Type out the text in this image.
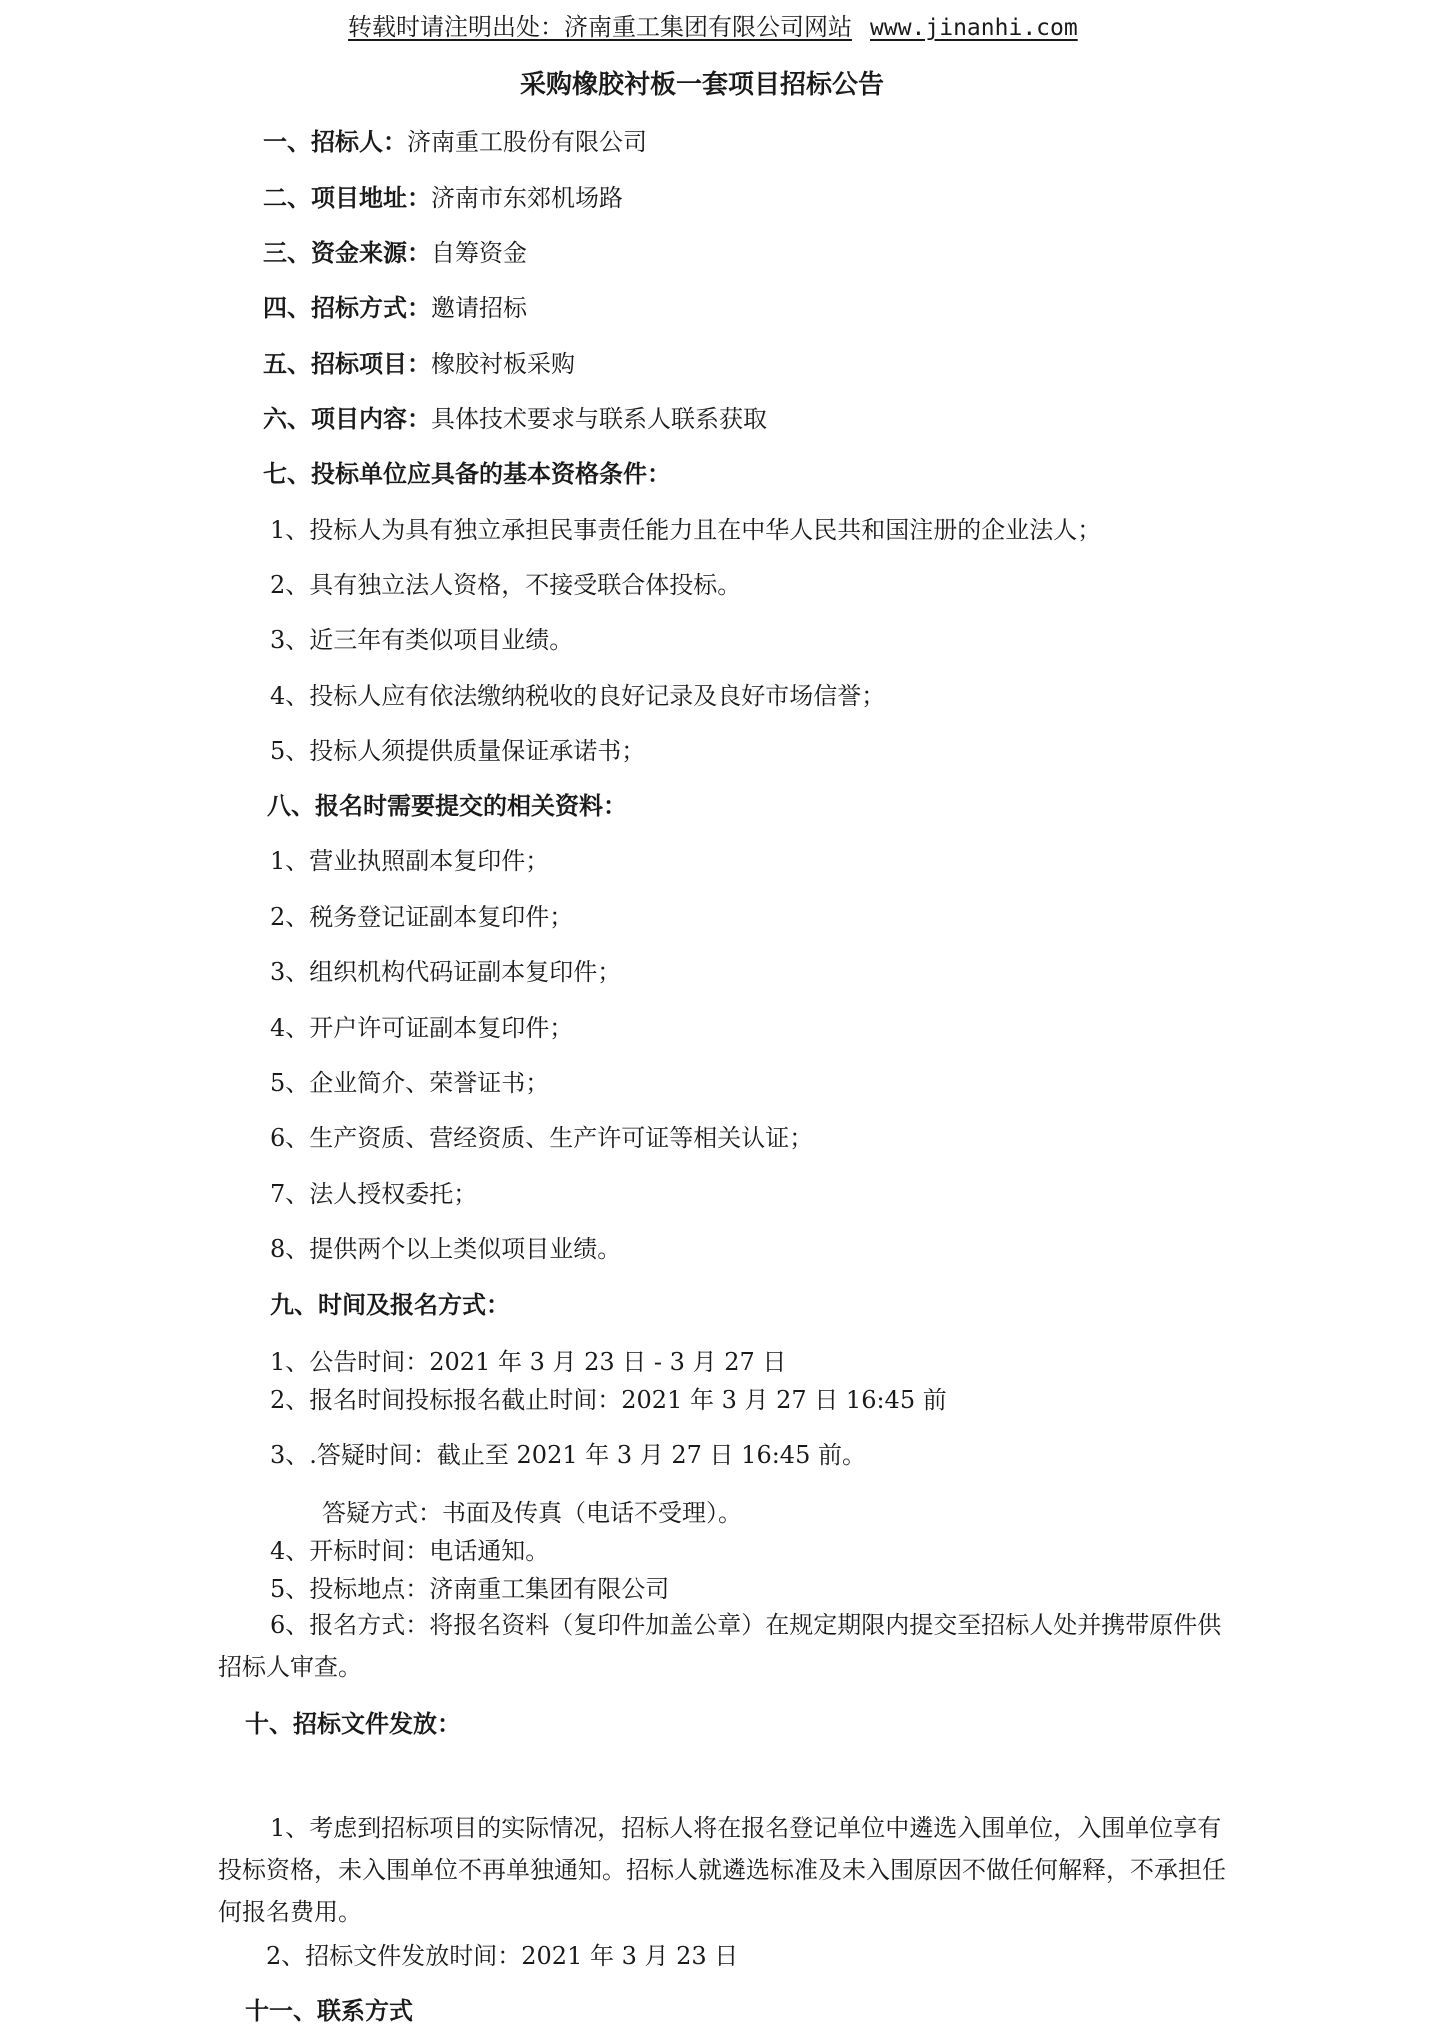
转载时请注明出处：济南重工集团有限公司网站 www.jinanhi.com
采购橡胶衬板一套项目招标公告
一、招标人：济南重工股份有限公司
二、项目地址：济南市东郊机场路
三、资金来源：自筹资金
四、招标方式：邀请招标
五、招标项目：橡胶衬板采购
六、项目内容：具体技术要求与联系人联系获取
七、投标单位应具备的基本资格条件：
1、投标人为具有独立承担民事责任能力且在中华人民共和国注册的企业法人；
2、具有独立法人资格，不接受联合体投标。
3、近三年有类似项目业绩。
4、投标人应有依法缴纳税收的良好记录及良好市场信誉；
5、投标人须提供质量保证承诺书；
八、报名时需要提交的相关资料：
1、营业执照副本复印件；
2、税务登记证副本复印件；
3、组织机构代码证副本复印件；
4、开户许可证副本复印件；
5、企业简介、荣誉证书；
6、生产资质、营经资质、生产许可证等相关认证；
7、法人授权委托；
8、提供两个以上类似项目业绩。
九、时间及报名方式：
1、公告时间：2021 年 3 月 23 日 - 3 月 27 日
2、报名时间投标报名截止时间：2021 年 3 月 27 日 16:45 前
3、.答疑时间：截止至 2021 年 3 月 27 日 16:45 前。
答疑方式：书面及传真（电话不受理）。
4、开标时间：电话通知。
5、投标地点：济南重工集团有限公司
6、报名方式：将报名资料（复印件加盖公章）在规定期限内提交至招标人处并携带原件供招标人审查。
十、招标文件发放：
1、考虑到招标项目的实际情况，招标人将在报名登记单位中遴选入围单位，入围单位享有投标资格，未入围单位不再单独通知。招标人就遴选标准及未入围原因不做任何解释，不承担任何报名费用。
2、招标文件发放时间：2021 年 3 月 23 日
十一、联系方式
